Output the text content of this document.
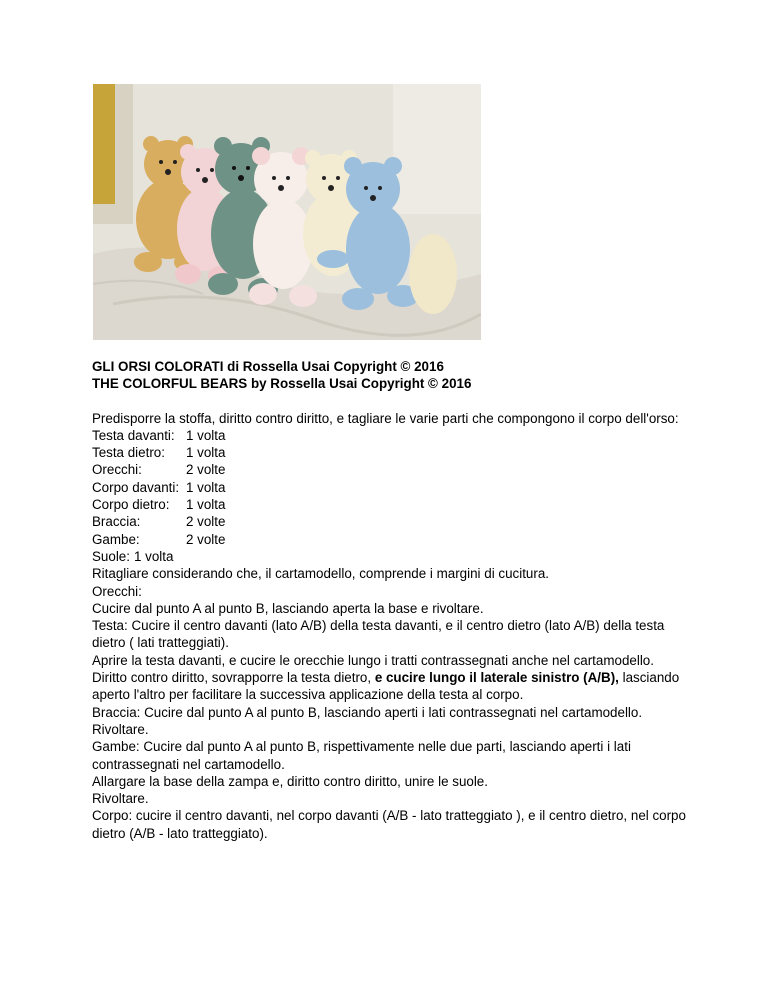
GLI ORSI COLORATI di Rossella Usai Copyright © 2016

THE COLORFUL BEARS by Rossella Usai Copyright © 2016

Predisporre la stoffa, diritto contro diritto, e tagliare le varie parti che compongono il corpo dell'orso:

Testa davanti: 1 volta

Testa dietro: 1 volta

Orecchi:	2 volte

Corpo davanti: 1 volta

Corpo dietro: 1 volta

Braccia:	2 volte

Gambe:	2 volte

Suole: 1 volta

Ritagliare considerando che, il cartamodello, comprende i margini di cucitura.

Orecchi:

Cucire dal punto A al punto B, lasciando aperta la base e rivoltare.

Testa: Cucire il centro davanti (lato A/B) della testa davanti, e il centro dietro (lato A/B) della testa dietro ( lati tratteggiati).

Aprire la testa davanti, e cucire le orecchie lungo i tratti contrassegnati anche nel cartamodello. Diritto contro diritto, sovrapporre la testa dietro, e cucire lungo il laterale sinistro (A/B), lasciando aperto l'altro per facilitare la successiva applicazione della testa al corpo.

Braccia: Cucire dal punto A al punto B, lasciando aperti i lati contrassegnati nel cartamodello. Rivoltare.

Gambe: Cucire dal punto A al punto B, rispettivamente nelle due parti, lasciando aperti i lati contrassegnati nel cartamodello.

Allargare la base della zampa e, diritto contro diritto, unire le suole.

Rivoltare.

Corpo: cucire il centro davanti, nel corpo davanti (A/B - lato tratteggiato ), e il centro dietro, nel corpo dietro (A/B - lato tratteggiato).
